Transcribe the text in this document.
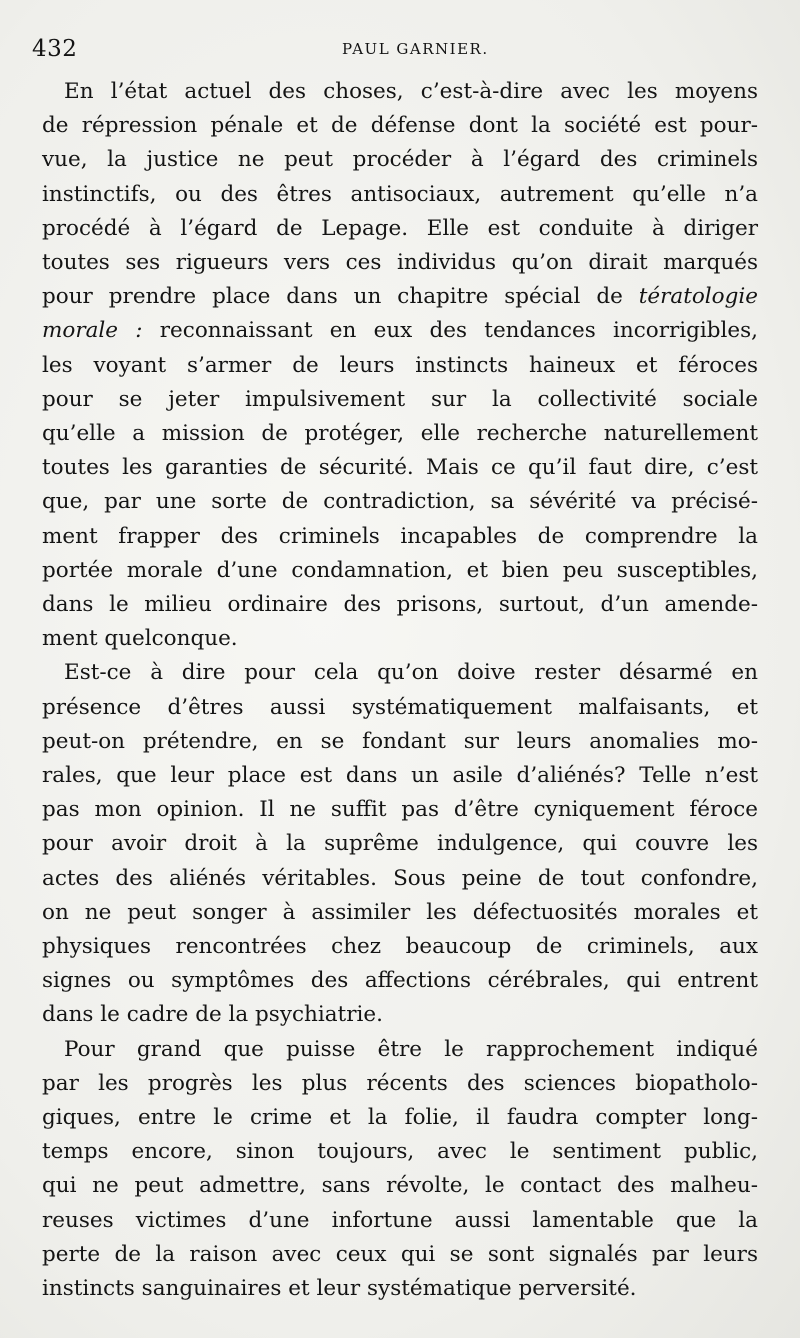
432	PAUL GARNIER.
En l’état actuel des choses, c’est-à-dire avec les moyens
de répression pénale et de défense dont la société est pour-
vue, la justice ne peut procéder à l’égard des criminels
instinctifs, ou des êtres antisociaux, autrement qu’elle n’a
procédé à l’égard de Lepage. Elle est conduite à diriger
toutes ses rigueurs vers ces individus qu’on dirait marqués
pour prendre place dans un chapitre spécial de tératologie
morale : reconnaissant en eux des tendances incorrigibles,
les voyant s’armer de leurs instincts haineux et féroces
pour se jeter impulsivement sur la collectivité sociale
qu’elle a mission de protéger, elle recherche naturellement
toutes les garanties de sécurité. Mais ce qu’il faut dire, c’est
que, par une sorte de contradiction, sa sévérité va précisé-
ment frapper des criminels incapables de comprendre la
portée morale d’une condamnation, et bien peu susceptibles,
dans le milieu ordinaire des prisons, surtout, d’un amende-
ment quelconque.
Est-ce à dire pour cela qu’on doive rester désarmé en
présence d’êtres aussi systématiquement malfaisants, et
peut-on prétendre, en se fondant sur leurs anomalies mo-
rales, que leur place est dans un asile d’aliénés? Telle n’est
pas mon opinion. Il ne suffit pas d’être cyniquement féroce
pour avoir droit à la suprême indulgence, qui couvre les
actes des aliénés véritables. Sous peine de tout confondre,
on ne peut songer à assimiler les défectuosités morales et
physiques rencontrées chez beaucoup de criminels, aux
signes ou symptômes des affections cérébrales, qui entrent
dans le cadre de la psychiatrie.
Pour grand que puisse être le rapprochement indiqué
par les progrès les plus récents des sciences biopatholo-
giques, entre le crime et la folie, il faudra compter long-
temps encore, sinon toujours, avec le sentiment public,
qui ne peut admettre, sans révolte, le contact des malheu-
reuses victimes d’une infortune aussi lamentable que la
perte de la raison avec ceux qui se sont signalés par leurs
instincts sanguinaires et leur systématique perversité.
